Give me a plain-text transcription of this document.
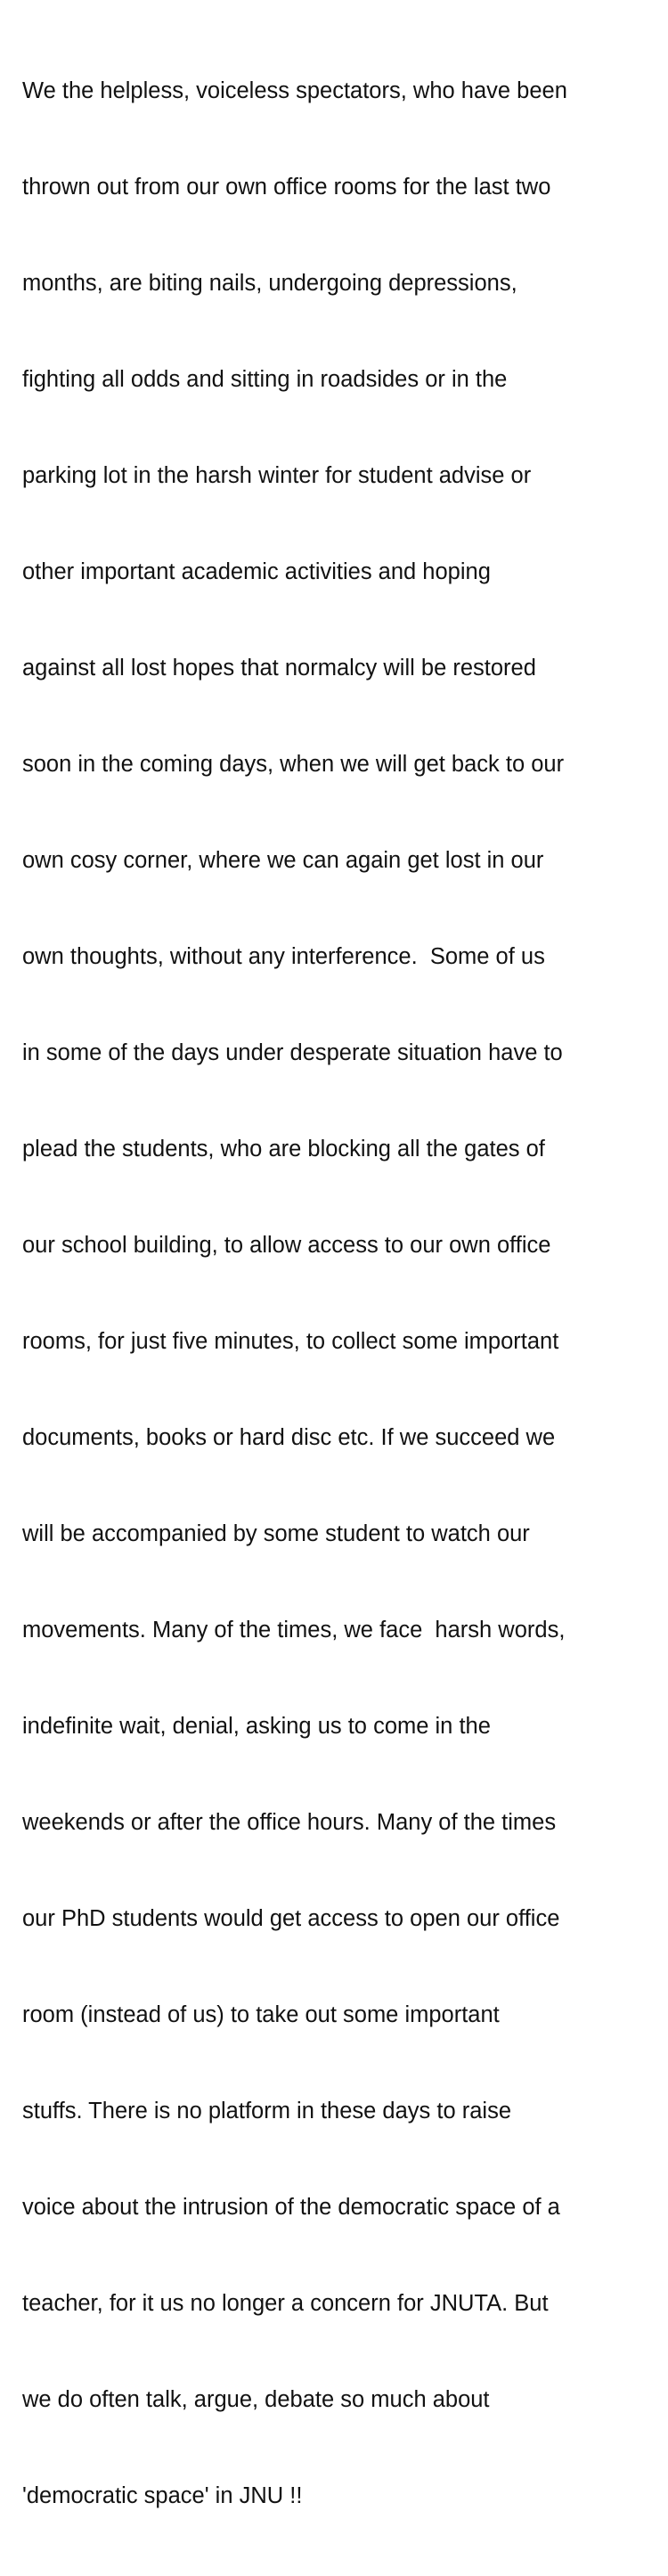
We the helpless, voiceless spectators, who have been

thrown out from our own office rooms for the last two

months, are biting nails, undergoing depressions,

fighting all odds and sitting in roadsides or in the

parking lot in the harsh winter for student advise or

other important academic activities and hoping

against all lost hopes that normalcy will be restored

soon in the coming days, when we will get back to our

own cosy corner, where we can again get lost in our

own thoughts, without any interference.  Some of us

in some of the days under desperate situation have to

plead the students, who are blocking all the gates of

our school building, to allow access to our own office

rooms, for just five minutes, to collect some important

documents, books or hard disc etc. If we succeed we

will be accompanied by some student to watch our

movements. Many of the times, we face  harsh words,

indefinite wait, denial, asking us to come in the

weekends or after the office hours. Many of the times

our PhD students would get access to open our office

room (instead of us) to take out some important

stuffs. There is no platform in these days to raise

voice about the intrusion of the democratic space of a

teacher, for it us no longer a concern for JNUTA. But

we do often talk, argue, debate so much about

'democratic space' in JNU !!
